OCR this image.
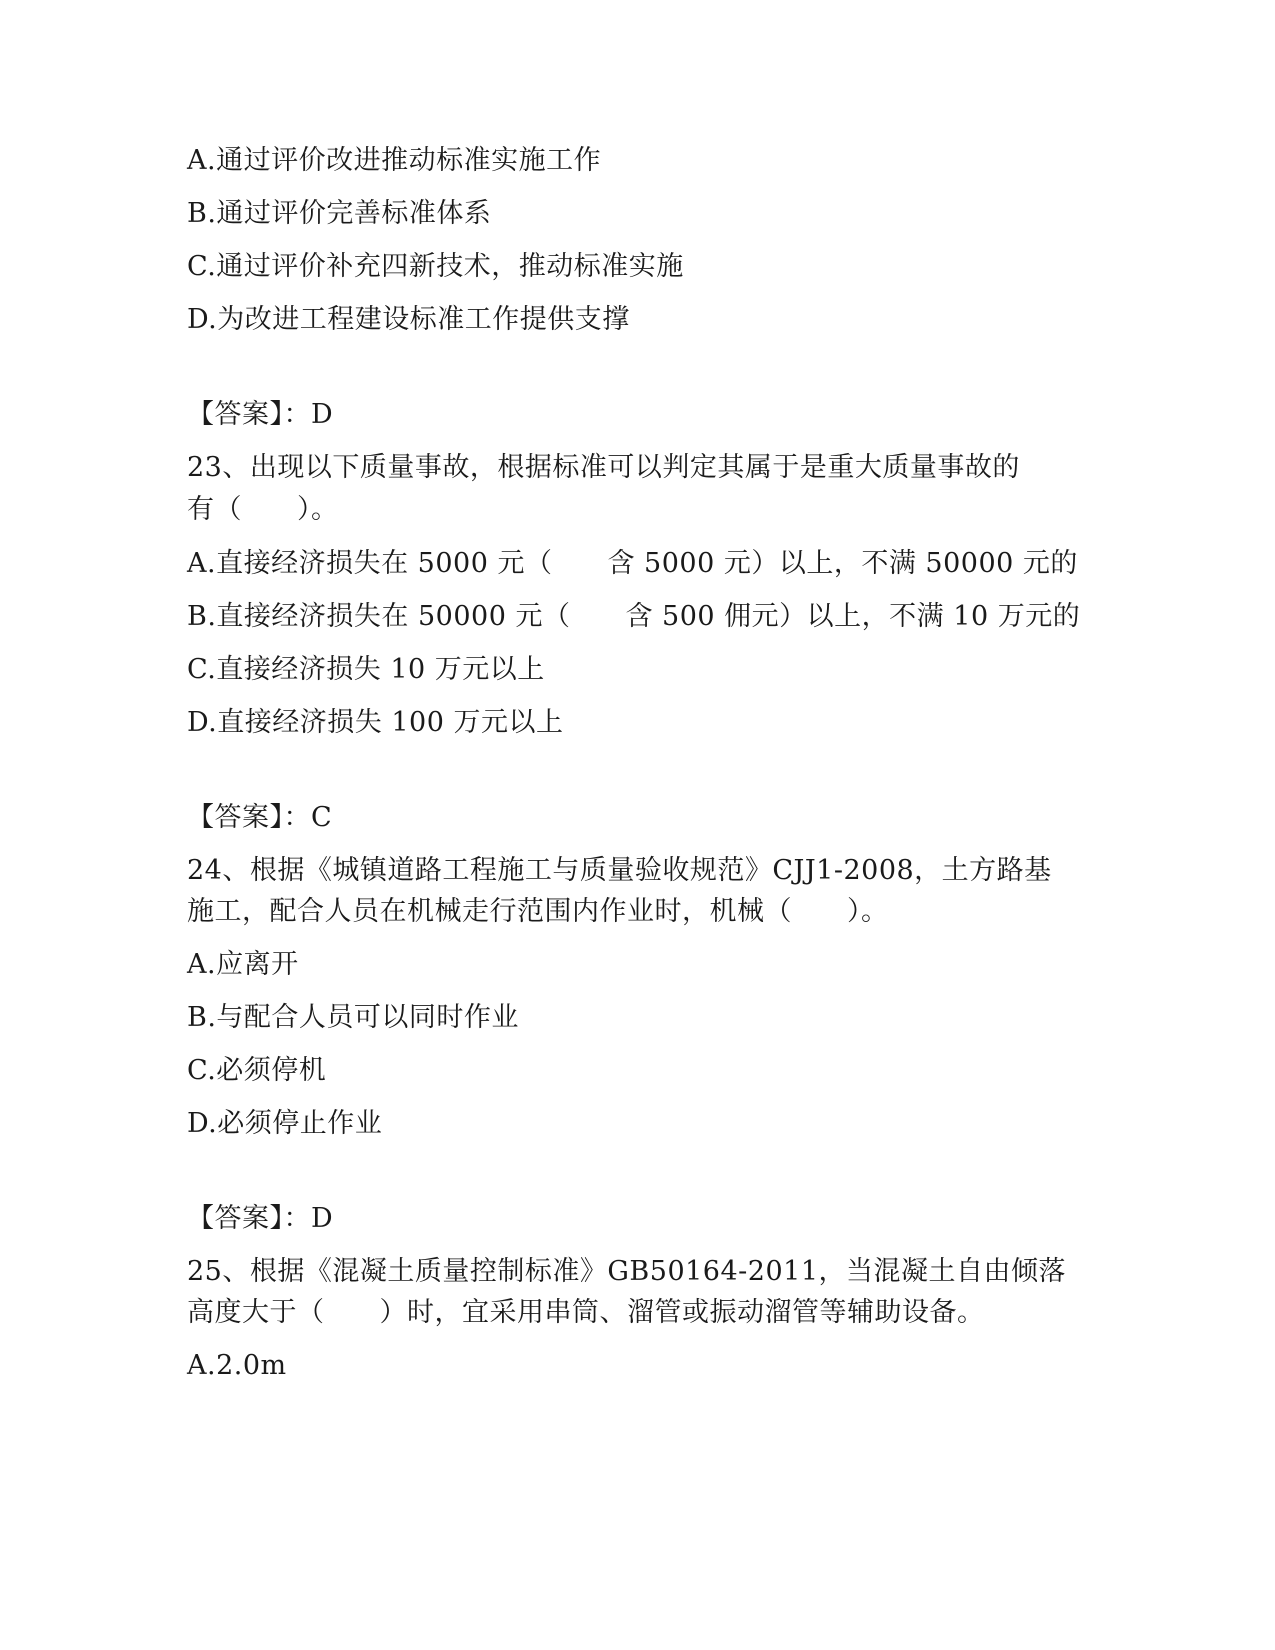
A.通过评价改进推动标准实施工作
B.通过评价完善标准体系
C.通过评价补充四新技术，推动标准实施
D.为改进工程建设标准工作提供支撑
【答案】：D
23、出现以下质量事故，根据标准可以判定其属于是重大质量事故的
有（　　）。
A.直接经济损失在 5000 元（　　含 5000 元）以上，不满 50000 元的
B.直接经济损失在 50000 元（　　含 500 佣元）以上，不满 10 万元的
C.直接经济损失 10 万元以上
D.直接经济损失 100 万元以上
【答案】：C
24、根据《城镇道路工程施工与质量验收规范》CJJ1-2008，土方路基
施工，配合人员在机械走行范围内作业时，机械（　　）。
A.应离开
B.与配合人员可以同时作业
C.必须停机
D.必须停止作业
【答案】：D
25、根据《混凝土质量控制标准》GB50164-2011，当混凝土自由倾落
高度大于（　　）时，宜采用串筒、溜管或振动溜管等辅助设备。
A.2.0m
